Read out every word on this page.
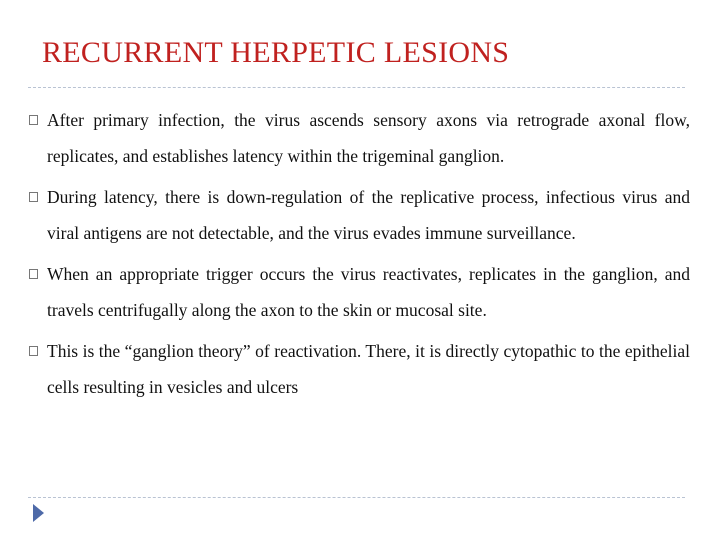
RECURRENT HERPETIC LESIONS
After primary infection, the virus ascends sensory axons via retrograde axonal flow, replicates, and establishes latency within the trigeminal ganglion.
During latency, there is down-regulation of the replicative process, infectious virus and viral antigens are not detectable, and the virus evades immune surveillance.
When an appropriate trigger occurs the virus reactivates, replicates in the ganglion, and travels centrifugally along the axon to the skin or mucosal site.
This is the “ganglion theory” of reactivation. There, it is directly cytopathic to the epithelial cells resulting in vesicles and ulcers
